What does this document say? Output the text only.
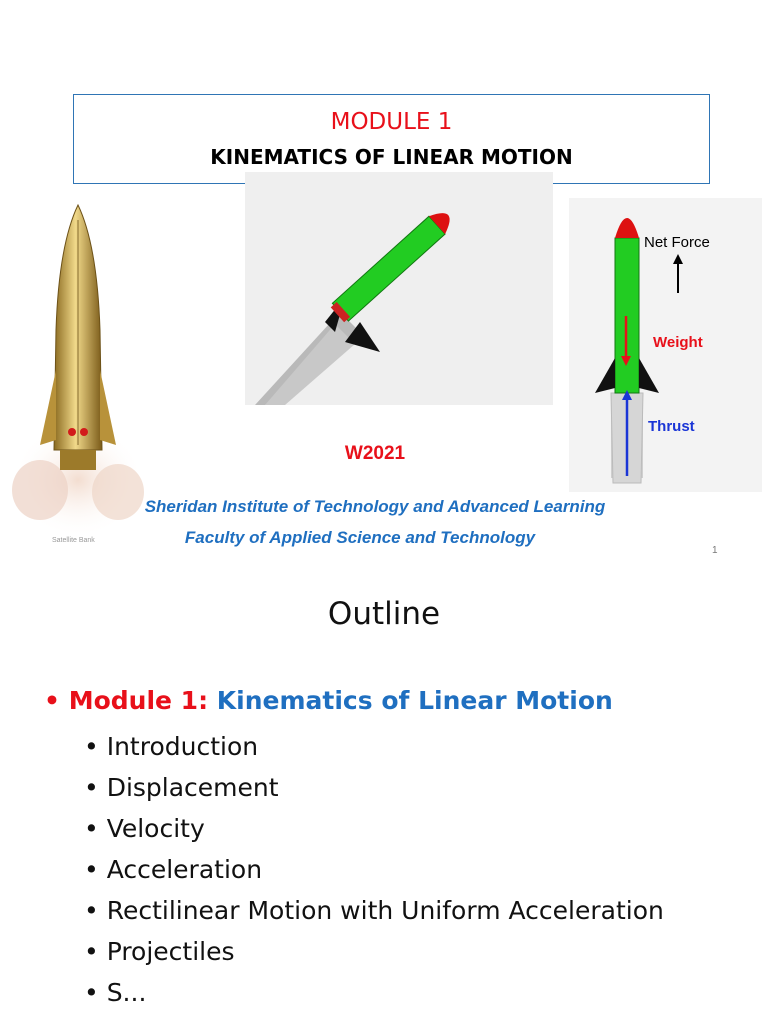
MODULE 1
KINEMATICS OF LINEAR MOTION
Satellite Bank
Net Force
Weight
Thrust
W2021
Sheridan Institute of Technology and Advanced Learning
Faculty of Applied Science and Technology
1
Outline
• Module 1: Kinematics of Linear Motion
• Introduction
• Displacement
• Velocity
• Acceleration
• Rectilinear Motion with Uniform Acceleration
• Projectiles
• S...
